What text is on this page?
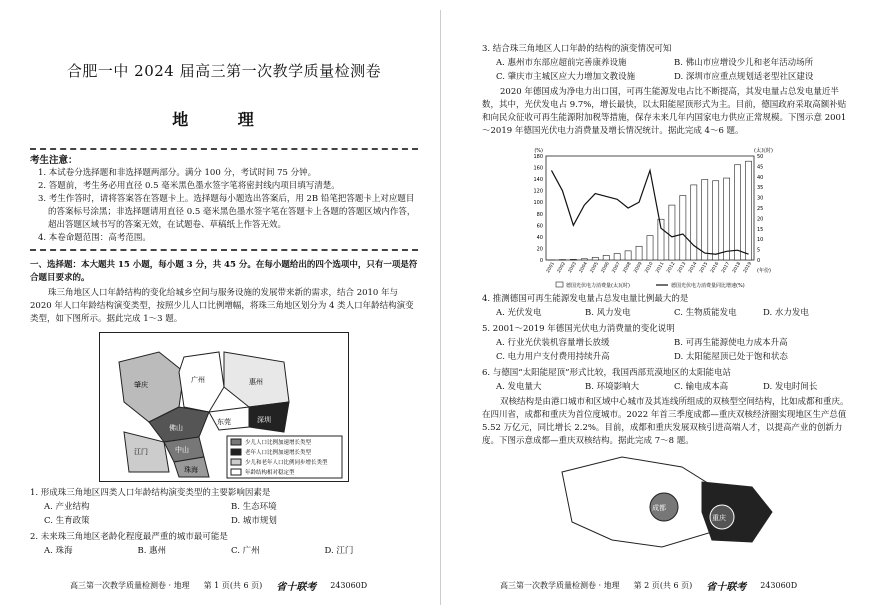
合肥一中 2024 届高三第一次教学质量检测卷
地 理
考生注意：
1. 本试卷分选择题和非选择题两部分。满分 100 分，考试时间 75 分钟。
2. 答题前，考生务必用直径 0.5 毫米黑色墨水签字笔将密封线内项目填写清楚。
3. 考生作答时，请将答案答在答题卡上。选择题每小题选出答案后，用 2B 铅笔把答题卡上对应题目的答案标号涂黑；非选择题请用直径 0.5 毫米黑色墨水签字笔在答题卡上各题的答题区域内作答，超出答题区域书写的答案无效，在试题卷、草稿纸上作答无效。
4. 本卷命题范围：高考范围。
一、选择题：本大题共 15 小题，每小题 3 分，共 45 分。在每小题给出的四个选项中，只有一项是符合题目要求的。
珠三角地区人口年龄结构的变化给城乡空间与服务设施的发展带来新的需求，结合 2010 年与 2020 年人口年龄结构演变类型，按照少儿人口比例增幅，将珠三角地区划分为 4 类人口年龄结构演变类型，如下图所示。据此完成 1～3 题。
肇庆
广州	惠州
佛山
东莞	深圳
中山
江门
珠海
少儿人口比例加速增长类型
老年人口比例加速增长类型
少儿和老年人口比例同步增长类型
年龄结构相对稳定型
1. 形成珠三角地区四类人口年龄结构演变类型的主要影响因素是
A. 产业结构	B. 生态环境
C. 生育政策	D. 城市规划
2. 未来珠三角地区老龄化程度最严重的城市最可能是
A. 珠海	B. 惠州	C. 广州	D. 江门
高三第一次教学质量检测卷 · 地理 第 1 页(共 6 页) 省十联考 243060D
3. 结合珠三角地区人口年龄的结构的演变情况可知
A. 惠州市东部应超前完善康养设施	B. 佛山市应增设少儿和老年活动场所
C. 肇庆市主城区应大力增加文教设施	D. 深圳市应重点规划适老型社区建设
2020 年德国成为净电力出口国，可再生能源发电占比不断提高，其发电量占总发电量近半数，其中，光伏发电占 9.7%，增长最快，以太阳能屋顶形式为主。目前，德国政府采取高额补贴和向民众征收可再生能源附加税等措施，保存未来几年内国家电力供应正常规模。下图示意 2001～2019 年德国光伏电力消费量及增长情况统计。据此完成 4～6 题。
0
20
40
60
80
100
120
140
160
180
0
5
10
15
20
25
30
35
40
45
50
(%)	(太瓦时)
2001 2002 2003 2004 2005 2006 2007 2008 2009 2010 2011 2012 2013 2014 2015 2016 2017 2018 2019 (年份)
德国光伏电力消费量(太瓦时)	德国光伏电力消费量同比增速(%)
4. 推测德国可再生能源发电量占总发电量比例最大的是
A. 光伏发电	B. 风力发电	C. 生物质能发电	D. 水力发电
5. 2001～2019 年德国光伏电力消费量的变化说明
A. 行业光伏装机容量增长放缓	B. 可再生能源使电力成本升高
C. 电力用户支付费用持续升高	D. 太阳能屋顶已处于饱和状态
6. 与德国“太阳能屋顶”形式比较，我国西部荒漠地区的太阳能电站
A. 发电量大	B. 环境影响大	C. 输电成本高	D. 发电时间长
双核结构是由港口城市和区域中心城市及其连线所组成的双核型空间结构，比如成都和重庆。在四川省，成都和重庆为首位度城市。2022 年首三季度成都—重庆双核经济圈实现地区生产总值 5.52 万亿元，同比增长 2.2%。目前，成都和重庆发展双核引进高端人才，以提高产业的创新力度。下图示意成都—重庆双核结构。据此完成 7～8 题。
成都
重庆
高三第一次教学质量检测卷 · 地理 第 2 页(共 6 页) 省十联考 243060D
